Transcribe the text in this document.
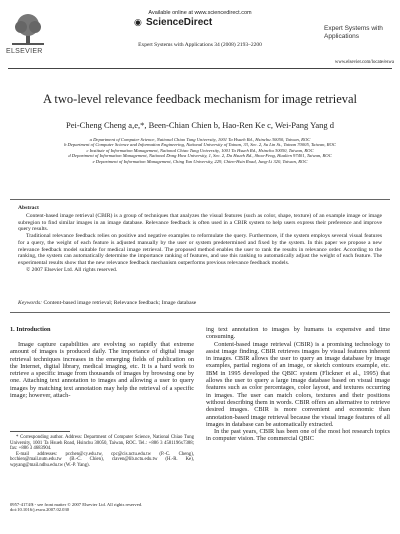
ELSEVIER
Available online at www.sciencedirect.com
◉ ScienceDirect
Expert Systems with Applications 34 (2008) 2193–2200
Expert Systems with Applications
www.elsevier.com/locate/eswa
A two-level relevance feedback mechanism for image retrieval
Pei-Cheng Cheng a,e,*, Been-Chian Chien b, Hao-Ren Ke c, Wei-Pang Yang d
a Department of Computer Science, National Chiao Tung University, 1001 Ta Hsueh Rd., Hsinchu 30050, Taiwan, ROC
b Department of Computer Science and Information Engineering, National University of Tainan, 33, Sec. 2, Su Lin St., Tainan 70005, Taiwan, ROC
c Institute of Information Management, National Chiao Tung University, 1001 Ta Hsueh Rd., Hsinchu 30050, Taiwan, ROC
d Department of Information Management, National Dong Hwa University, 1, Sec. 2, Da Hsueh Rd., Shou-Feng, Hualien 97401, Taiwan, ROC
e Department of Information Management, Ching Yun University, 229, Chien-Hsin Road, Jung-Li 320, Taiwan, ROC
Abstract

Content-based image retrieval (CBIR) is a group of techniques that analyzes the visual features (such as color, shape, texture) of an example image or image subregion to find similar images in an image database. Relevance feedback is often used in a CBIR system to help users express their preference and improve query results.

Traditional relevance feedback relies on positive and negative examples to reformulate the query. Furthermore, if the system employs several visual features for a query, the weight of each feature is adjusted manually by the user or system predetermined and fixed by the system. In this paper we propose a new relevance feedback model suitable for medical image retrieval. The proposed method enables the user to rank the results in relevance order. According to the ranking, the system can automatically determine the importance ranking of features, and use this ranking to automatically adjust the weight of each feature. The experimental results show that the new relevance feedback mechanism outperforms previous relevance feedback models.

© 2007 Elsevier Ltd. All rights reserved.

Keywords: Content-based image retrieval; Relevance feedback; Image database
1. Introduction

Image capture capabilities are evolving so rapidly that extreme amount of images is produced daily. The importance of digital image retrieval techniques increases in the emerging fields of publication on the Internet, digital library, medical imaging, etc. It is a hard work to retrieve a specific image from thousands of images by browsing one by one. Attaching text annotation to images and allowing a user to query images by matching text annotation may help the retrieval of a specific image; however, attach-

ing text annotation to images by humans is expensive and time consuming.

Content-based image retrieval (CBIR) is a promising technology to assist image finding. CBIR retrieves images by visual features inherent in images. CBIR allows the user to query an image database by image examples, partial regions of an image, or sketch contours example, etc. IBM in 1995 developed the QBIC system (Flickner et al., 1995) that allows the user to query a large image database based on visual image features such as color percentages, color layout, and textures occurring in images. The user can match colors, textures and their positions without describing them in words. CBIR offers an alternative to retrieve desired images. CBIR is more convenient and economic than annotation-based image retrieval because the visual image features of all images in database can be automatically extracted.

In the past years, CBIR has been one of the most hot research topics in computer vision. The commercial QBIC

* Corresponding author. Address: Department of Computer Science, National Chiao Tung University, 1001 Ta Hsueh Road, Hsinchu 30050, Taiwan, ROC. Tel.: +886 3 4581196x7388; fax: +886 3 4683904.

E-mail addresses: pcchen@cy.edu.tw, cpc@cis.nctu.edu.tw (P.-C. Cheng), bcchien@mail.nutn.edu.tw (B.-C. Chien), claven@lib.nctu.edu.tw (H.-R. Ke), wpyang@mail.ndhu.edu.tw (W.-P. Yang).

0957-4174/$ - see front matter © 2007 Elsevier Ltd. All rights reserved.
doi:10.1016/j.eswa.2007.02.030
